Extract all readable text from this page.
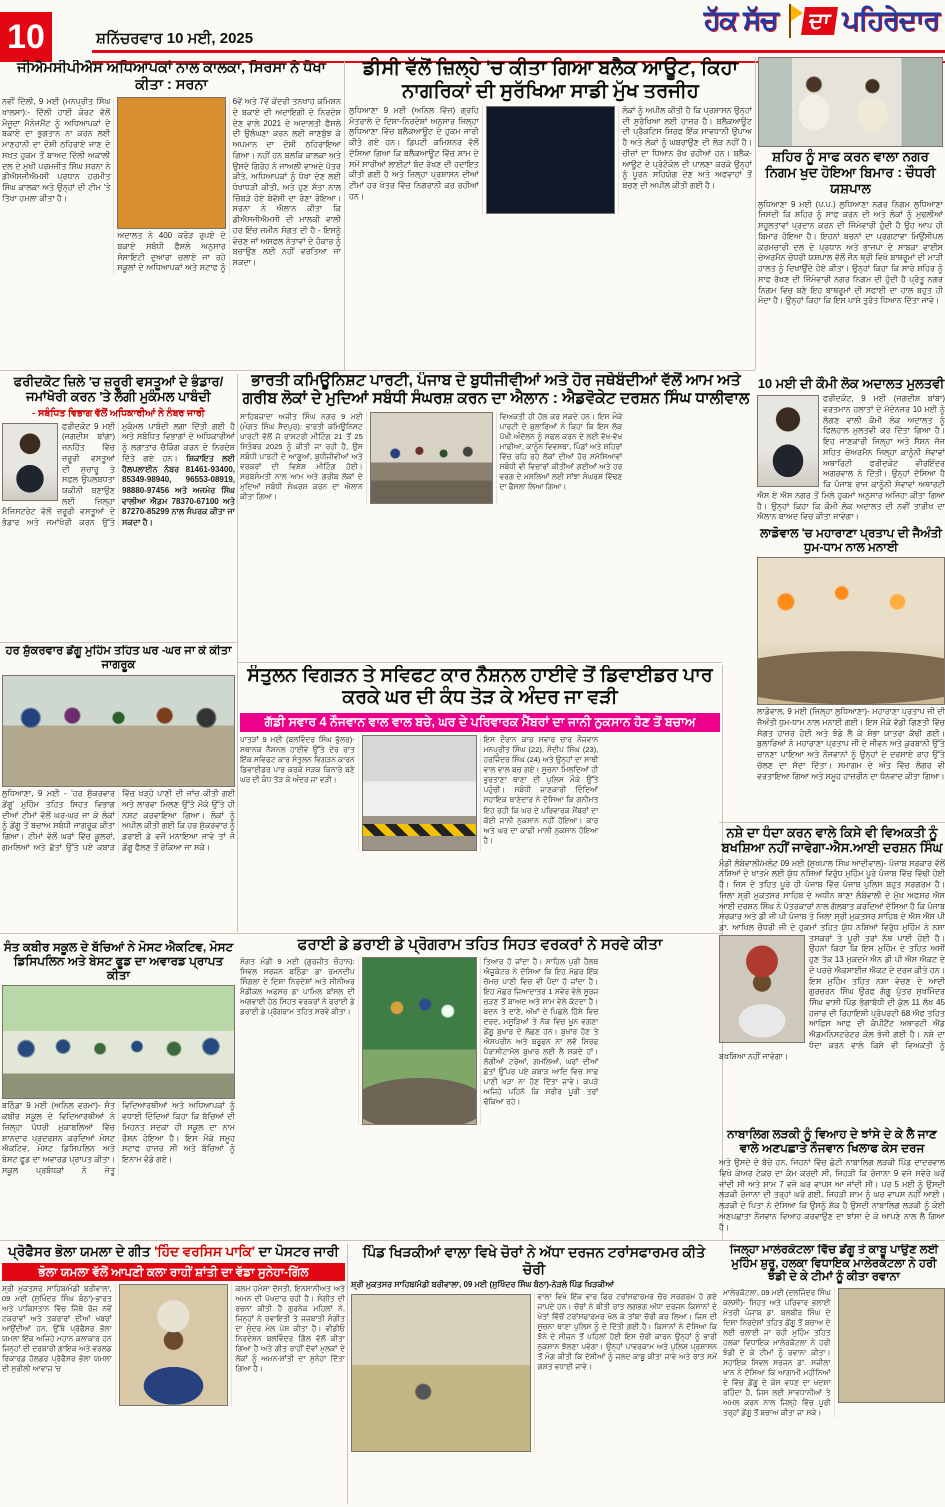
10	ਸ਼ਨਿੱਚਰਵਾਰ 10 ਮਈ, 2025
ਹੱਕ ਸੱਚ ਦਾ ਪਹਿਰੇਦਾਰ
ਜੀਐਮਸੀਪੀਐਸ ਅਧਿਆਪਕਾਂ ਨਾਲ ਕਾਲਕਾ, ਸਿਰਸਾ ਨੇ ਧੋਖਾ ਕੀਤਾ : ਸਰਨਾ
ਨਵੀਂ ਦਿੱਲੀ, 9 ਮਈ (ਮਨਪ੍ਰੀਤ ਸਿੰਘ ਖਾਲਸਾ):- ਦਿੱਲੀ ਹਾਈ ਕੋਰਟ ਵੱਲੋਂ ਮੌਜੂਦਾ ਮੈਨੇਜਮੈਂਟ ਨੂੰ ਅਧਿਆਪਕਾਂ ਦੇ ਬਕਾਏ ਦਾ ਭੁਗਤਾਨ ਨਾ ਕਰਨ ਲਈ ਮਾਣਹਾਨੀ ਦਾ ਦੋਸ਼ੀ ਠਹਿਰਾਏ ਜਾਣ ਦੇ ਸਖ਼ਤ ਹੁਕਮ ਤੋਂ ਬਾਅਦ ਦਿੱਲੀ ਅਕਾਲੀ ਦਲ ਦੇ ਮੁਖੀ ਪਰਮਜੀਤ ਸਿੰਘ ਸਰਨਾ ਨੇ ਡੀਐਸਜੀਐਮਸੀ ਪ੍ਰਧਾਨ ਹਰਮੀਤ ਸਿੰਘ ਕਾਲਕਾ ਅਤੇ ਉਨ੍ਹਾਂ ਦੀ ਟੀਮ 'ਤੇ ਤਿੱਖਾ ਹਮਲਾ ਕੀਤਾ ਹੈ।
ਅਦਾਲਤ ਨੇ 400 ਕਰੋੜ ਰੁਪਏ ਦੇ ਬਕਾਏ ਸਬੰਧੀ ਫੈਸਲੇ ਅਨੁਸਾਰ ਸੋਸਾਇਟੀ ਦੁਆਰਾ ਚਲਾਏ ਜਾ ਰਹੇ ਸਕੂਲਾਂ ਦੇ ਅਧਿਆਪਕਾਂ ਅਤੇ ਸਟਾਫ ਨੂੰ 6ਵੇਂ ਅਤੇ 7ਵੇਂ ਕੇਂਦਰੀ ਤਨਖਾਹ ਕਮਿਸ਼ਨ ਦੇ ਬਕਾਏ ਦੀ ਅਦਾਇਗੀ ਦੇ ਨਿਰਦੇਸ਼ ਦੇਣ ਵਾਲੇ 2021 ਦੇ ਅਦਾਲਤੀ ਫੈਸਲੇ ਦੀ ਉਲੰਘਣਾ ਕਰਨ ਲਈ ਜਾਣਬੁੱਝ ਕੇ ਅਪਮਾਨ ਦਾ ਦੋਸ਼ੀ ਠਹਿਰਾਇਆ ਗਿਆ। ਨਹੀਂ ਹਨ ਬਲਕਿ ਕਾਲਕਾ ਅਤੇ ਉਸਦੇ ਗਿਰੋਹ ਨੇ ਜਾਅਲੀ ਵਾਅਦੇ ਪੱਤਰ ਕੀਤੇ, ਅਧਿਆਪਕਾਂ ਨੂੰ ਧੋਖਾ ਦੇਣ ਲਈ ਧੋਖਾਧੜੀ ਕੀਤੀ, ਅਤੇ ਹੁਣ ਸੱਤਾ ਨਾਲ ਚਿੰਬੜੇ ਹੋਏ ਬੇਵੱਸੀ ਦਾ ਰੋਣਾ ਰੋਇਆ। ਸਰਨਾ ਨੇ ਐਲਾਨ ਕੀਤਾ ਕਿ ਡੀਐਸਜੀਐਮਸੀ ਦੀ ਮਾਲਕੀ ਵਾਲੀ ਹਰ ਇੰਚ ਜ਼ਮੀਨ ਸੰਗਤ ਦੀ ਹੈ - ਇਸਨੂੰ ਵੇਚਣ ਜਾਂ ਅਸਫਲ ਨੇਤਾਵਾਂ ਦੇ ਹੰਕਾਰ ਨੂੰ ਬਚਾਉਣ ਲਈ ਨਹੀਂ ਵਰਤਿਆ ਜਾ ਸਕਦਾ।
ਡੀਸੀ ਵੱਲੋਂ ਜ਼ਿਲ੍ਹੇ 'ਚ ਕੀਤਾ ਗਿਆ ਬਲੈਕ ਆਊਟ, ਕਿਹਾ ਨਾਗਰਿਕਾਂ ਦੀ ਸੁਰੱਖਿਆ ਸਾਡੀ ਮੁੱਖ ਤਰਜੀਹ
ਲੁਧਿਆਣਾ 9 ਮਈ (ਅਨਿਲ ਵਿੱਜ) ਗ੍ਰਹਿ ਮੰਤਰਾਲੇ ਦੇ ਦਿਸ਼ਾ-ਨਿਰਦੇਸ਼ਾਂ ਅਨੁਸਾਰ ਜਿਲ੍ਹਾ ਲੁਧਿਆਣਾ ਵਿੱਚ ਬਲੈਕਆਊਟ ਦੇ ਹੁਕਮ ਜਾਰੀ ਕੀਤੇ ਗਏ ਹਨ। ਡਿਪਟੀ ਕਮਿਸ਼ਨਰ ਵੱਲੋਂ ਦੱਸਿਆ ਗਿਆ ਕਿ ਬਲੈਕਆਊਟ ਵਿੱਚ ਸ਼ਾਮ ਦੇ ਸਮੇਂ ਸਾਰੀਆਂ ਲਾਈਟਾਂ ਬੰਦ ਰੱਖਣ ਦੀ ਹਦਾਇਤ ਕੀਤੀ ਗਈ ਹੈ ਅਤੇ ਜ਼ਿਲ੍ਹਾ ਪ੍ਰਸ਼ਾਸਨ ਦੀਆਂ ਟੀਮਾਂ ਹਰ ਖੇਤਰ ਵਿੱਚ ਨਿਗਰਾਨੀ ਕਰ ਰਹੀਆਂ ਹਨ।
ਲੋਕਾਂ ਨੂੰ ਅਪੀਲ ਕੀਤੀ ਹੈ ਕਿ ਪ੍ਰਸ਼ਾਸਨ ਉਨ੍ਹਾਂ ਦੀ ਸੁਰੱਖਿਆ ਲਈ ਹਾਜ਼ਰ ਹੈ। ਬਲੈਕਆਊਟ ਦੀ ਪ੍ਰੈਕਟਿਸ ਸਿਰਫ ਇੱਕ ਸਾਵਧਾਨੀ ਉਪਾਅ ਹੈ ਅਤੇ ਲੋਕਾਂ ਨੂੰ ਘਬਰਾਉਣ ਦੀ ਲੋੜ ਨਹੀਂ ਹੈ। ਚੀਜ਼ਾਂ ਦਾ ਧਿਆਨ ਰੱਖ ਰਹੀਆਂ ਹਨ। ਬਲੈਕ-ਆਊਟ ਦੇ ਪ੍ਰੋਟੋਕੋਲ ਦੀ ਪਾਲਣਾ ਕਰਕੇ ਉਨ੍ਹਾਂ ਨੂੰ ਪੂਰਨ ਸਹਿਯੋਗ ਦੇਣ ਅਤੇ ਅਫਵਾਹਾਂ ਤੋਂ ਬਚਣ ਦੀ ਅਪੀਲ ਕੀਤੀ ਗਈ ਹੈ।
ਸ਼ਹਿਰ ਨੂੰ ਸਾਫ ਕਰਨ ਵਾਲਾ ਨਗਰ ਨਿਗਮ ਖੁਦ ਹੋਇਆ ਬਿਮਾਰ : ਚੌਧਰੀ ਯਸ਼ਪਾਲ
ਲੁਧਿਆਣਾ 9 ਮਈ (ਪ.ਪ.) ਲੁਧਿਆਣਾ ਨਗਰ ਨਿਗਮ ਲੁਧਿਆਣਾ ਜਿਸਦੀ ਕਿ ਸ਼ਹਿਰ ਨੂੰ ਸਾਫ ਕਰਨ ਦੀ ਅਤੇ ਲੋਕਾਂ ਨੂੰ ਮੁਢਲੀਆਂ ਸਹੂਲਤਾਵਾਂ ਪ੍ਰਦਾਨ ਕਰਨ ਦੀ ਜਿੰਮੇਵਾਰੀ ਹੁੰਦੀ ਹੈ ਉਹ ਆਪ ਹੀ ਬਿਮਾਰ ਹੋਇਆ ਹੈ। ਇਹਨਾਂ ਬਚਨਾਂ ਦਾ ਪ੍ਰਗਟਾਵਾ ਮਿਉਂਸੀਪਲ ਕਰਮਚਾਰੀ ਦਲ ਦੇ ਪ੍ਰਧਾਨ ਅਤੇ ਭਾਜਪਾ ਦੇ ਸਾਬਕਾ ਵਾਈਸ ਚੇਅਰਮੈਨ ਚੌਧਰੀ ਯਸ਼ਪਾਲ ਵੱਲੋਂ ਜੌਨ ਥ੍ਰੀ ਵਿਖੇ ਬਾਥਰੂਮਾਂ ਦੀ ਮਾੜੀ ਹਾਲਤ ਨੂੰ ਦਿਖਾਉਂਦੇ ਹੋਏ ਕੀਤਾ। ਉਨ੍ਹਾਂ ਕਿਹਾ ਕਿ ਸਾਰੇ ਸ਼ਹਿਰ ਨੂੰ ਸਾਫ ਰੱਖਣ ਦੀ ਜਿੰਮੇਵਾਰੀ ਨਗਰ ਨਿਗਮ ਦੀ ਹੁੰਦੀ ਹੈ ਪ੍ਰੰਤੂ ਨਗਰ ਨਿਗਮ ਵਿਚ ਬਣੇ ਇਹ ਬਾਥਰੂਮਾਂ ਦੀ ਸਫਾਈ ਦਾ ਹਾਲ ਬਹੁਤ ਹੀ ਮੰਦਾ ਹੈ। ਉਨ੍ਹਾਂ ਕਿਹਾ ਕਿ ਇਸ ਪਾਸੇ ਤੁਰੰਤ ਧਿਆਨ ਦਿੱਤਾ ਜਾਵੇ।
ਫਰੀਦਕੋਟ ਜ਼ਿਲੇ 'ਚ ਜ਼ਰੂਰੀ ਵਸਤੂਆਂ ਦੇ ਭੰਡਾਰ/ਜਮਾਂਖੋਰੀ ਕਰਨ 'ਤੇ ਲੱਗੀ ਮੁਕੰਮਲ ਪਾਬੰਦੀ
- ਸਬੰਧਿਤ ਵਿਭਾਗ ਵੱਲੋਂ ਅਧਿਕਾਰੀਆਂ ਨੇ ਨੰਬਰ ਜਾਰੀ
ਫਰੀਦਕੋਟ 9 ਮਈ (ਜਗਦੀਸ਼ ਬਾਂਗਾ) ਜਨਹਿੱਤ ਵਿੱਚ ਜ਼ਰੂਰੀ ਵਸਤੂਆਂ ਦੀ ਸੁਚਾਰੂ ਤੇ ਸਫਲ ਉਪਲਬਧਤਾ ਯਕੀਨੀ ਬਣਾਉਣ ਲਈ ਜ਼ਿਲ੍ਹਾ ਮੈਜਿਸਟਰੇਟ ਵੱਲੋਂ ਜ਼ਰੂਰੀ ਵਸਤੂਆਂ ਦੇ ਭੰਡਾਰ ਅਤੇ ਜਮਾਂਖੋਰੀ ਕਰਨ ਉੱਤੇ ਮੁਕੰਮਲ ਪਾਬੰਦੀ ਲਗਾ ਦਿੱਤੀ ਗਈ ਹੈ ਅਤੇ ਸਬੰਧਿਤ ਵਿਭਾਗਾਂ ਦੇ ਅਧਿਕਾਰੀਆਂ ਨੂੰ ਲਗਾਤਾਰ ਚੈਕਿੰਗ ਕਰਨ ਦੇ ਨਿਰਦੇਸ਼ ਦਿੱਤੇ ਗਏ ਹਨ। ਸ਼ਿਕਾਇਤ ਲਈ ਹੈਲਪਲਾਈਨ ਨੰਬਰ 81461-93400, 85349-98940, 96553-08919, 98880-97456 ਅਤੇ ਅਜਮੇਰ ਸਿੰਘ ਵਾਲੀਆ ਐਡਮ 78370-67100 ਅਤੇ 87270-85299 ਨਾਲ ਸੰਪਰਕ ਕੀਤਾ ਜਾ ਸਕਦਾ ਹੈ।
ਭਾਰਤੀ ਕਮਿਊਨਿਸ਼ਟ ਪਾਰਟੀ, ਪੰਜਾਬ ਦੇ ਬੁਧੀਜੀਵੀਆਂ ਅਤੇ ਹੋਰ ਜਥੇਬੰਦੀਆਂ ਵੱਲੋਂ ਆਮ ਅਤੇ ਗਰੀਬ ਲੋਕਾਂ ਦੇ ਮੁਦਿਆਂ ਸਬੰਧੀ ਸੰਘਰਸ਼ ਕਰਨ ਦਾ ਐਲਾਨ : ਐਡਵੋਕੇਟ ਦਰਸ਼ਨ ਸਿੰਘ ਧਾਲੀਵਾਲ
ਸਾਹਿਬਜ਼ਾਦਾ ਅਜੀਤ ਸਿੰਘ ਨਗਰ 9 ਮਈ (ਮੰਗਤ ਸਿੰਘ ਸੈਦਪੁਰ): ਭਾਰਤੀ ਕਮਿਊਨਿਸਟ ਪਾਰਟੀ ਵੱਲੋਂ ਜੋ ਰਾਸ਼ਟਰੀ ਮੀਟਿੰਗ 21 ਤੋਂ 25 ਸਿਤੰਬਰ 2025 ਨੂੰ ਕੀਤੀ ਜਾ ਰਹੀ ਹੈ, ਉਸ ਸਬੰਧੀ ਪਾਰਟੀ ਦੇ ਆਗੂਆਂ, ਬੁਧੀਜੀਵੀਆਂ ਅਤੇ ਵਰਕਰਾਂ ਦੀ ਵਿਸ਼ੇਸ਼ ਮੀਟਿੰਗ ਹੋਈ। ਸਰਬਸੰਮਤੀ ਨਾਲ ਆਮ ਅਤੇ ਗਰੀਬ ਲੋਕਾਂ ਦੇ ਮੁਦਿਆਂ ਸਬੰਧੀ ਸੰਘਰਸ਼ ਕਰਨ ਦਾ ਐਲਾਨ ਕੀਤਾ ਗਿਆ।
ਵਿਅਕਤੀ ਹੀ ਹੱਲ ਕਰ ਸਕਦੇ ਹਨ। ਇਸ ਮੌਕੇ ਪਾਰਟੀ ਦੇ ਬੁਲਾਰਿਆਂ ਨੇ ਕਿਹਾ ਕਿ ਇਸ ਲੋਕ ਪੱਖੀ ਅੰਦੋਲਨ ਨੂੰ ਸਫਲ ਕਰਨ ਦੇ ਲਈ ਵੱਖ-ਵੱਖ ਮਾਫੀਆ, ਕਾਨੂੰਨ ਵਿਵਸਥਾ, ਪਿੰਡਾਂ ਅਤੇ ਸ਼ਹਿਰਾਂ ਵਿੱਚ ਰਹਿ ਰਹੇ ਲੋਕਾਂ ਦੀਆਂ ਹੋਰ ਸਮੱਸਿਆਵਾਂ ਸਬੰਧੀ ਵੀ ਵਿਚਾਰਾਂ ਕੀਤੀਆਂ ਗਈਆਂ ਅਤੇ ਹਰ ਵਰਗ ਦੇ ਮਸਲਿਆਂ ਲਈ ਸਾਂਝਾ ਸੰਘਰਸ਼ ਵਿੱਢਣ ਦਾ ਫੈਸਲਾ ਲਿਆ ਗਿਆ।
10 ਮਈ ਦੀ ਕੌਮੀ ਲੋਕ ਅਦਾਲਤ ਮੁਲਤਵੀ
ਫਰੀਦਕੋਟ, 9 ਮਈ (ਜਗਦੀਸ਼ ਬਾਂਬਾ) ਵਰਤਮਾਨ ਹਲਾਤਾਂ ਦੇ ਮੱਦੇਨਜ਼ਰ 10 ਮਈ ਨੂੰ ਲੱਗਣ ਵਾਲੀ ਕੌਮੀ ਲੋਕ ਅਦਾਲਤ ਨੂੰ ਫਿਲਹਾਲ ਮੁਲਤਵੀ ਕਰ ਦਿੱਤਾ ਗਿਆ ਹੈ। ਇਹ ਜਾਣਕਾਰੀ ਜਿਲ੍ਹਾ ਅਤੇ ਸੈਸ਼ਨ ਜੱਜ ਸਹਿਤ ਚੇਅਰਮੈਨ ਜਿਲ੍ਹਾ ਕਾਨੂੰਨੀ ਸੇਵਾਵਾਂ ਅਥਾਰਿਟੀ ਫਰੀਦਕੋਟ ਵੀਰਇੰਦਰ ਅਗਰਵਾਲ ਨੇ ਦਿੱਤੀ। ਉਨ੍ਹਾਂ ਦੱਸਿਆ ਹੈ ਕਿ ਪੰਜਾਬ ਰਾਜ ਕਾਨੂੰਨੀ ਸੇਵਾਵਾਂ ਅਥਾਰਟੀ ਐਸ ਏ ਐਸ ਨਗਰ ਤੋਂ ਮਿਲੇ ਹੁਕਮਾਂ ਅਨੁਸਾਰ ਅਜਿਹਾ ਕੀਤਾ ਗਿਆ ਹੈ। ਉਨ੍ਹਾਂ ਕਿਹਾ ਕਿ ਕੌਮੀ ਲੋਕ ਅਦਾਲਤ ਦੀ ਨਵੀਂ ਤਾਰੀਖ ਦਾ ਐਲਾਨ ਬਾਅਦ ਵਿਚ ਕੀਤਾ ਜਾਵੇਗਾ।
ਲਾਡੋਵਾਲ 'ਚ ਮਹਾਰਾਣਾ ਪ੍ਰਤਾਪ ਦੀ ਜੈਅੰਤੀ ਧੁਮ-ਧਾਮ ਨਾਲ ਮਨਾਈ
ਲਾਡੋਵਾਲ, 9 ਮਈ (ਜ਼ਿਲ੍ਹਾ ਲੁਧਿਆਣਾ)- ਮਹਾਰਾਣਾ ਪ੍ਰਤਾਪ ਜੀ ਦੀ ਜੈਅੰਤੀ ਧੁਮ-ਧਾਮ ਨਾਲ ਮਨਾਈ ਗਈ। ਇਸ ਮੌਕੇ ਵੱਡੀ ਗਿਣਤੀ ਵਿੱਚ ਸੰਗਤ ਹਾਜ਼ਰ ਹੋਈ ਅਤੇ ਝੰਡੇ ਲੈ ਕੇ ਸ਼ੋਭਾ ਯਾਤਰਾ ਕੱਢੀ ਗਈ। ਬੁਲਾਰਿਆਂ ਨੇ ਮਹਾਰਾਣਾ ਪ੍ਰਤਾਪ ਜੀ ਦੇ ਜੀਵਨ ਅਤੇ ਕੁਰਬਾਨੀ ਉੱਤੇ ਚਾਨਣਾ ਪਾਇਆ ਅਤੇ ਨੌਜਵਾਨਾਂ ਨੂੰ ਉਨ੍ਹਾਂ ਦੇ ਦਰਸਾਏ ਰਾਹ ਉੱਤੇ ਚੱਲਣ ਦਾ ਸੱਦਾ ਦਿੱਤਾ। ਸਮਾਗਮ ਦੇ ਅੰਤ ਵਿੱਚ ਲੰਗਰ ਵੀ ਵਰਤਾਇਆ ਗਿਆ ਅਤੇ ਸਮੂਹ ਹਾਜ਼ਰੀਨ ਦਾ ਧੰਨਵਾਦ ਕੀਤਾ ਗਿਆ।
ਹਰ ਸ਼ੁੱਕਰਵਾਰ ਡੇਂਗੂ ਮੁਹਿੰਮ ਤਹਿਤ ਘਰ -ਘਰ ਜਾ ਕੇ ਕੀਤਾ ਜਾਗਰੂਕ
ਲੁਧਿਆਣਾ, 9 ਮਈ - 'ਹਰ ਸ਼ੁੱਕਰਵਾਰ ਡੇਂਗੂ' ਮੁਹਿੰਮ ਤਹਿਤ ਸਿਹਤ ਵਿਭਾਗ ਦੀਆਂ ਟੀਮਾਂ ਵੱਲੋਂ ਘਰ-ਘਰ ਜਾ ਕੇ ਲੋਕਾਂ ਨੂੰ ਡੇਂਗੂ ਤੋਂ ਬਚਾਅ ਸਬੰਧੀ ਜਾਗਰੂਕ ਕੀਤਾ ਗਿਆ। ਟੀਮਾਂ ਵੱਲੋਂ ਘਰਾਂ ਵਿੱਚ ਕੂਲਰਾਂ, ਗਮਲਿਆਂ ਅਤੇ ਛੱਤਾਂ ਉੱਤੇ ਪਏ ਕਬਾੜ ਵਿੱਚ ਖੜ੍ਹੇ ਪਾਣੀ ਦੀ ਜਾਂਚ ਕੀਤੀ ਗਈ ਅਤੇ ਲਾਰਵਾ ਮਿਲਣ ਉੱਤੇ ਮੌਕੇ ਉੱਤੇ ਹੀ ਨਸ਼ਟ ਕਰਵਾਇਆ ਗਿਆ। ਲੋਕਾਂ ਨੂੰ ਅਪੀਲ ਕੀਤੀ ਗਈ ਕਿ ਹਰ ਸ਼ੁੱਕਰਵਾਰ ਨੂੰ ਡਰਾਈ ਡੇ ਵਜੋਂ ਮਨਾਇਆ ਜਾਵੇ ਤਾਂ ਜੋ ਡੇਂਗੂ ਫੈਲਣ ਤੋਂ ਰੋਕਿਆ ਜਾ ਸਕੇ।
ਸੰਤੁਲਨ ਵਿਗੜਨ ਤੇ ਸਵਿਫਟ ਕਾਰ ਨੈਸ਼ਨਲ ਹਾਈਵੇ ਤੋਂ ਡਿਵਾਈਡਰ ਪਾਰ ਕਰਕੇ ਘਰ ਦੀ ਕੰਧ ਤੋੜ ਕੇ ਅੰਦਰ ਜਾ ਵੜੀ
ਗੱਡੀ ਸਵਾਰ 4 ਨੌਜਵਾਨ ਵਾਲ ਵਾਲ ਬਚੇ, ਘਰ ਦੇ ਪਰਿਵਾਰਕ ਮੈਂਬਰਾਂ ਦਾ ਜਾਨੀ ਨੁਕਸਾਨ ਹੋਣ ਤੋਂ ਬਚਾਅ
ਪਾਤੜਾਂ 9 ਮਈ (ਬਲਵਿੰਦਰ ਸਿੰਘ ਭੁੱਲਰ)- ਸਥਾਨਕ ਨੈਸ਼ਨਲ ਹਾਈਵੇ ਉੱਤੇ ਦੇਰ ਰਾਤ ਇੱਕ ਸਵਿਫਟ ਕਾਰ ਸੰਤੁਲਨ ਵਿਗੜਨ ਕਾਰਨ ਡਿਵਾਈਡਰ ਪਾਰ ਕਰਕੇ ਸੜਕ ਕਿਨਾਰੇ ਬਣੇ ਘਰ ਦੀ ਕੰਧ ਤੋੜ ਕੇ ਅੰਦਰ ਜਾ ਵੜੀ।
ਇਸ ਦੌਰਾਨ ਕਾਰ ਸਵਾਰ ਚਾਰ ਨੌਜਵਾਨ ਮਨਪ੍ਰੀਤ ਸਿੰਘ (22), ਸੰਦੀਪ ਸਿੰਘ (23), ਹਰਜਿੰਦਰ ਸਿੰਘ (24) ਅਤੇ ਉਨ੍ਹਾਂ ਦਾ ਸਾਥੀ ਵਾਲ ਵਾਲ ਬਚ ਗਏ। ਸੂਚਨਾ ਮਿਲਦਿਆਂ ਹੀ ਭੁਰਤਾਣਾ ਥਾਣਾ ਦੀ ਪੁਲਿਸ ਮੌਕੇ ਉੱਤੇ ਪਹੁੰਚੀ। ਸਬੰਧੀ ਜਾਣਕਾਰੀ ਦਿੰਦਿਆਂ ਸਹਾਇਕ ਥਾਣੇਦਾਰ ਨੇ ਦੱਸਿਆ ਕਿ ਗਨੀਮਤ ਇਹ ਰਹੀ ਕਿ ਘਰ ਦੇ ਪਰਿਵਾਰਕ ਮੈਂਬਰਾਂ ਦਾ ਕੋਈ ਜਾਨੀ ਨੁਕਸਾਨ ਨਹੀਂ ਹੋਇਆ। ਕਾਰ ਅਤੇ ਘਰ ਦਾ ਕਾਫੀ ਮਾਲੀ ਨੁਕਸਾਨ ਹੋਇਆ ਹੈ।
ਨਸ਼ੇ ਦਾ ਧੰਦਾ ਕਰਨ ਵਾਲੇ ਕਿਸੇ ਵੀ ਵਿਅਕਤੀ ਨੂੰ ਬਖਸ਼ਿਆ ਨਹੀਂ ਜਾਵੇਗਾ-ਐਸ.ਆਈ ਦਰਸ਼ਨ ਸਿੰਘ
ਮੰਡੀ ਲੰਬੇਵਾਲੀ/ਮਲੋਟ 09 ਮਈ (ਸੁਖਪਾਲ ਸਿੰਘ ਆਦੀਵਾਲ)- ਪੰਜਾਬ ਸਰਕਾਰ ਵੱਲੋਂ ਨਸ਼ਿਆਂ ਦੇ ਖਾਤਮੇ ਲਈ ਯੁੱਧ ਨਸ਼ਿਆਂ ਵਿਰੁੱਧ ਮੁਹਿੰਮ ਪੂਰੇ ਪੰਜਾਬ ਵਿੱਚ ਵਿੱਢੀ ਹੋਈ ਹੈ। ਜਿਸ ਦੇ ਤਹਿਤ ਪੂਰੇ ਹੀ ਪੰਜਾਬ ਵਿੱਚ ਪੰਜਾਬ ਪੁਲਿਸ ਬਹੁਤ ਸਰਗਰਮ ਹੈ। ਜਿਲਾ ਸ਼੍ਰੀ ਮੁਕਤਸਰ ਸਾਹਿਬ ਦੇ ਅਧੀਨ ਥਾਣਾ ਲੰਬੇਵਾਲੀ ਦੇ ਮੁੱਖ ਅਫਸਰ ਐਸ ਆਈ ਦਰਸ਼ਨ ਸਿੰਘ ਨੇ ਪੱਤਰਕਾਰਾਂ ਨਾਲ ਗੱਲਬਾਤ ਕਰਦਿਆਂ ਦੱਸਿਆ ਹੈ ਕਿ ਪੰਜਾਬ ਸਰਕਾਰ ਅਤੇ ਡੀ ਜੀ ਪੀ ਪੰਜਾਬ ਤੇ ਜਿਲਾ ਸ਼੍ਰੀ ਮੁਕਤਸਰ ਸਾਹਿਬ ਦੇ ਐਸ ਐਸ ਪੀ ਡਾ. ਆਖਿਲ ਚੌਧਰੀ ਜੀ ਦੇ ਹੁਕਮਾਂ ਤਹਿਤ ਯੁੱਧ ਨਸ਼ਿਆਂ ਵਿਰੁੱਧ ਮੁਹਿੰਮ ਨੇ ਨਸ਼ਾ ਤਸਕਰਾਂ ਤੇ ਪੂਰੀ ਤਰਾਂ ਨੱਥ ਪਾਈ ਹੋਈ ਹੈ।
ਉਹਨਾਂ ਕਿਹਾ ਕਿ ਇਸ ਮੁਹਿੰਮ ਦੇ ਤਹਿਤ ਅਸੀਂ ਹੁਣ ਤੱਕ 13 ਮੁਕਦਮੇ ਐਨ ਡੀ ਪੀ ਐਸ ਐਕਟ ਦੇ ਦੋ ਪਰਚੇ ਐਕਸਾਈਜ਼ ਐਕਟ ਦੇ ਦਰਜ ਕੀਤੇ ਹਨ। ਇਸ ਮੁਹਿੰਮ ਤਹਿਤ ਨਸ਼ਾ ਵੇਚਣ ਦੇ ਆਦੀ ਗੁਰਚਰਨ ਸਿੰਘ ਉਰਫ ਗੱਗੂ ਪੁੱਤਰ ਸੁਖਮਿੰਦਰ ਸਿੰਘ ਵਾਸੀ ਪਿੰਡ ਭੰਗਾਬੱਧੀ ਦੀ ਕੁੱਲ 11 ਲੱਖ 45 ਹਜ਼ਾਰ ਦੀ ਰਿਹਾਇਸ਼ੀ ਪ੍ਰੋਪਰਟੀ 68 ਐਫ ਤਹਿਤ ਆਫਿਸ ਆਫ ਦੀ ਕੰਪੀਟੈਂਟ ਅਥਾਰਟੀ ਐਂਡ ਐਡਮਨਿਸਟਰੇਟਰ ਕੋਲ ਭੇਜੀ ਗਈ ਹੈ। ਨਸ਼ੇ ਦਾ ਧੰਦਾ ਕਰਨ ਵਾਲੇ ਕਿਸੇ ਵੀ ਵਿਅਕਤੀ ਨੂੰ ਬਖਸ਼ਿਆ ਨਹੀਂ ਜਾਵੇਗਾ।
ਨਾਬਾਲਿਗ ਲੜਕੀ ਨੂੰ ਵਿਆਹ ਦੇ ਝਾਂਸੇ ਦੇ ਕੇ ਲੈ ਜਾਣ ਵਾਲੇ ਅਣਪਛਾਤੇ ਨੌਜਵਾਨ ਖਿਲਾਫ ਕੇਸ ਦਰਜ
ਅਤੇ ਉਸਦੇ ਦੋ ਬੱਚੇ ਹਨ, ਜਿਹਨਾਂ ਵਿੱਚ ਛੋਟੀ ਨਾਬਾਲਿਗ ਲੜਕੀ ਪਿੰਡ ਦਾਦਰਵਾਲ ਵਿਖੇ ਕੇਅਰ ਟੇਕਰ ਦਾ ਕੰਮ ਕਰਦੀ ਸੀ, ਜਿਹੜੀ ਕਿ ਰੋਜਾਨਾ 9 ਵਜੇ ਸਵੇਰੇ ਘਰੋਂ ਜਾਂਦੀ ਸੀ ਅਤੇ ਸ਼ਾਮ 7 ਵਜੇ ਘਰ ਵਾਪਸ ਆ ਜਾਂਦੀ ਸੀ। ਪਰ 5 ਮਈ ਨੂੰ ਉਸਦੀ ਲੜਕੀ ਰੋਜਾਨਾ ਦੀ ਤਰ੍ਹਾਂ ਘਰੋ ਗਈ, ਜਿਹੜੀ ਸ਼ਾਮ ਨੂੰ ਘਰ ਵਾਪਸ ਨਹੀਂ ਆਈ। ਲੜਕੀ ਦੇ ਪਿਤਾ ਨੇ ਦੱਸਿਆ ਕਿ ਉਸਨੂੰ ਸ਼ੱਕ ਹੈ ਉਸਦੀ ਨਾਬਾਲਿਗ ਲੜਕੀ ਨੂੰ ਕੋਈ ਅਣਪਛਾਤਾ ਨੌਜਵਾਨ ਵਿਆਹ ਕਰਵਾਉਣ ਦਾ ਝਾਂਸਾ ਦੇ ਕੇ ਆਪਣੇ ਨਾਲ ਲੈ ਗਿਆ ਹੈ।
ਸੰਤ ਕਬੀਰ ਸਕੂਲ ਦੇ ਬੱਚਿਆਂ ਨੇ ਮੋਸਟ ਐਕਟਿਵ, ਮੋਸਟ ਡਿਸਿਪਲਿਨ ਅਤੇ ਬੇਸਟ ਫੂਡ ਦਾ ਅਵਾਰਡ ਪ੍ਰਾਪਤ ਕੀਤਾ
ਬਠਿੰਡਾ 9 ਮਈ (ਅਨਿਲ ਵਰਮਾ)- ਸੰਤ ਕਬੀਰ ਸਕੂਲ ਦੇ ਵਿਦਿਆਰਥੀਆਂ ਨੇ ਜ਼ਿਲ੍ਹਾ ਪੱਧਰੀ ਮੁਕਾਬਲਿਆਂ ਵਿੱਚ ਸ਼ਾਨਦਾਰ ਪ੍ਰਦਰਸ਼ਨ ਕਰਦਿਆਂ ਮੋਸਟ ਐਕਟਿਵ, ਮੋਸਟ ਡਿਸਿਪਲਿਨ ਅਤੇ ਬੇਸਟ ਫੂਡ ਦਾ ਅਵਾਰਡ ਪ੍ਰਾਪਤ ਕੀਤਾ। ਸਕੂਲ ਪ੍ਰਬੰਧਕਾਂ ਨੇ ਜੇਤੂ ਵਿਦਿਆਰਥੀਆਂ ਅਤੇ ਅਧਿਆਪਕਾਂ ਨੂੰ ਵਧਾਈ ਦਿੰਦਿਆਂ ਕਿਹਾ ਕਿ ਬੱਚਿਆਂ ਦੀ ਮਿਹਨਤ ਸਦਕਾ ਹੀ ਸਕੂਲ ਦਾ ਨਾਮ ਰੌਸ਼ਨ ਹੋਇਆ ਹੈ। ਇਸ ਮੌਕੇ ਸਮੂਹ ਸਟਾਫ ਹਾਜ਼ਰ ਸੀ ਅਤੇ ਬੱਚਿਆਂ ਨੂੰ ਇਨਾਮ ਵੰਡੇ ਗਏ।
ਫਰਾਈ ਡੇ ਡਰਾਈ ਡੇ ਪ੍ਰੋਗਰਾਮ ਤਹਿਤ ਸਿਹਤ ਵਰਕਰਾਂ ਨੇ ਸਰਵੇ ਕੀਤਾ
ਸੰਗਤ ਮੰਡੀ 9 ਮਈ (ਗੁਰਜੀਤ ਚੌਹਾਨ): ਸਿਵਲ ਸਰਜਨ ਬਠਿੰਡਾ ਡਾ ਰਮਨਦੀਪ ਸਿੰਗਲਾ ਦੇ ਦਿਸ਼ਾ ਨਿਰਦੇਸ਼ਾਂ ਅਤੇ ਸੀਨੀਅਰ ਮੈਡੀਕਲ ਅਫਸਰ ਡਾ ਪਾਮਿਲ ਬਾਂਸਲ ਦੀ ਅਗਵਾਈ ਹੇਠ ਸਿਹਤ ਵਰਕਰਾਂ ਨੇ ਫਰਾਈ ਡੇ ਡਰਾਈ ਡੇ ਪ੍ਰੋਗਰਾਮ ਤਹਿਤ ਸਰਵੇ ਕੀਤਾ।
ਤਿਆਰ ਹੋ ਜਾਂਦਾ ਹੈ। ਸਾਹਿਲ ਪੁਰੀ ਹੈਲਥ ਐਜੂਕੇਟਰ ਨੇ ਦੱਸਿਆ ਕਿ ਇਹ ਮੱਛਰ ਇੱਕ ਚੱਮਚ ਪਾਣੀ ਵਿਚ ਵੀ ਪੈਦਾ ਹੋ ਜਾਂਦਾ ਹੈ। ਇਹ ਮੱਛਰ ਜਿਆਦਾਤਰ 1 ਸਵੇਰ ਵੇਲੇ ਸੂਰਜ ਚੜਣ ਤੋਂ ਬਾਅਦ ਅਤੇ ਸ਼ਾਮ ਵੇਲੇ ਕੱਟਦਾ ਹੈ। ਬਦਨ ਤੇ ਦਾਣੇ, ਅੱਖਾਂ ਦੇ ਪਿਛਲੇ ਹਿੱਸੇ ਵਿਚ ਦਰਦ, ਮਸੂੜਿਆਂ ਤੇ ਨੱਕ ਵਿਚ ਖੂਨ ਵਗਣਾ ਡੇਂਗੂ ਬੁਖਾਰ ਦੇ ਲੱਛਣ ਹਨ। ਬੁਖਾਰ ਹੋਣ ਤੇ ਐਸਪਰੀਨ ਅਤੇ ਬਰੂਫਨ ਨਾ ਲਵੋ ਸਿਰਫ ਪੈਰਾਸੀਟਾਮੋਲ ਬੁਖਾਰ ਲਈ ਲੈ ਸਕਦੇ ਹਾਂ। ਲੱਗੀਆਂ ਟਰੇਆਂ, ਗਮਲਿਆਂ, ਘਰਾਂ ਦੀਆਂ ਛੱਤਾਂ ਉੱਪਰ ਪਏ ਕਬਾੜ ਆਦਿ ਵਿਚ ਸਾਫ ਪਾਣੀ ਖੜਾ ਨਾ ਹੋਣ ਦਿੱਤਾ ਜਾਵੇ। ਕਪੜੇ ਅਜਿਹੇ ਪਹਿਨੋ ਕਿ ਸ਼ਰੀਰ ਪੂਰੀ ਤਰਾਂ ਢੱਕਿਆ ਰਹੇ।
ਪ੍ਰੋਫੈਸਰ ਭੋਲਾ ਯਮਲਾ ਦੇ ਗੀਤ 'ਹਿੰਦ ਵਰਸਿਸ ਪਾਕਿ' ਦਾ ਪੋਸਟਰ ਜਾਰੀ
ਭੋਲਾ ਯਮਲਾ ਵੱਲੋਂ ਆਪਣੀ ਕਲਾ ਰਾਹੀਂ ਸ਼ਾਂਤੀ ਦਾ ਵੱਡਾ ਸੁਨੇਹਾ-ਗਿੱਲ
ਸ਼੍ਰੀ ਮੁਕਤਸਰ ਸਾਹਿਬ/ਮੰਡੀ ਬਰੀਵਾਲਾ, 09 ਮਈ (ਸੁਖਿੰਦਰ ਸਿੰਘ ਬੰਠਾ)-ਭਾਰਤ ਅਤੇ ਪਾਕਿਸਤਾਨ ਵਿੱਚ ਜਿੱਥੇ ਰੋਜ਼ ਨਵੇਂ ਟਕਰਾਵਾਂ ਅਤੇ ਤਕਰਾਰਾਂ ਦੀਆਂ ਖਬਰਾਂ ਆਉਂਦੀਆਂ ਹਨ, ਉੱਥੇ ਪ੍ਰੋਫੈਸਰ ਭੋਲਾ ਯਮਲਾ ਇੱਕ ਅਜਿਹੇ ਮਹਾਨ ਕਲਾਕਾਰ ਹਨ ਜਿਨ੍ਹਾਂ ਦੀ ਦਰਬਾਰੀ ਗਾਇਕ ਅਤੇ ਵਰਲਡ ਰਿਕਾਰਡ ਹੋਲਡਰ ਪ੍ਰੋਫੈਸਰ ਭੋਲਾ ਯਮਲਾ ਦੀ ਸੁਰੀਲੀ ਆਵਾਜ਼ 'ਚ
ਕਲਮ ਹਮੇਸ਼ਾ ਦੋਸਤੀ, ਇਨਸਾਨੀਅਤ ਅਤੇ ਅਮਨ ਦੀ ਪੱਖਦਾਰ ਰਹੀ ਹੈ। ਸੰਗੀਤ ਦੀ ਰਚਨਾ ਕੀਤੀ ਹੈ ਗੁਰਨੇਕ ਮਹਿਲਾਂ ਨੇ, ਜਿਨ੍ਹਾਂ ਨੇ ਰਵਾਇਤੀ ਤੇ ਜਜ਼ਬਾਤੀ ਸੰਗੀਤ ਦਾ ਸੁੰਦਰ ਮੇਲ ਪੇਸ਼ ਕੀਤਾ ਹੈ। ਵੀਡੀਓ ਨਿਰਦੇਸ਼ਨ ਬਲਵਿੰਦਰ ਗਿੱਲ ਵੱਲੋਂ ਕੀਤਾ ਗਿਆ ਹੈ ਅਤੇ ਗੀਤ ਰਾਹੀਂ ਦੋਵਾਂ ਮੁਲਕਾਂ ਦੇ ਲੋਕਾਂ ਨੂੰ ਅਮਨ-ਸ਼ਾਂਤੀ ਦਾ ਸੁਨੇਹਾ ਦਿੱਤਾ ਗਿਆ ਹੈ।
ਪਿੰਡ ਖਿੜਕੀਆਂ ਵਾਲਾ ਵਿਖੇ ਚੋਰਾਂ ਨੇ ਅੱਧਾ ਦਰਜਨ ਟਰਾਂਸਫਾਰਮਰ ਕੀਤੇ ਚੋਰੀ
ਸ਼੍ਰੀ ਮੁਕਤਸਰ ਸਾਹਿਬ/ਮੰਡੀ ਬਰੀਵਾਲਾ, 09 ਮਈ (ਸੁਖਿੰਦਰ ਸਿੰਘ ਬੰਠਾ)-ਨੇੜਲੇ ਪਿੰਡ ਖਿੜਕੀਆਂ
ਵਾਲਾ ਵਿਖੇ ਇੱਕ ਵਾਰ ਫਿਰ ਟਰਾਂਸਫਾਰਮਰ ਚੋਰ ਸਰਗਰਮ ਹੋ ਗਏ ਜਾਪਦੇ ਹਨ। ਚੋਰਾਂ ਨੇ ਬੀਤੀ ਰਾਤ ਲਗਭਗ ਅੱਧਾ ਦਰਜਨ ਕਿਸਾਨਾਂ ਦੇ ਖੇਤਾਂ ਵਿੱਚੋਂ ਟਰਾਂਸਫਾਰਮਰ ਖੋਲ ਕੇ ਤਾਂਬਾ ਚੋਰੀ ਕਰ ਲਿਆ। ਜਿਸ ਦੀ ਸੂਚਨਾ ਥਾਣਾ ਪੁਲਿਸ ਨੂੰ ਦੇ ਦਿੱਤੀ ਗਈ ਹੈ। ਕਿਸਾਨਾਂ ਨੇ ਦੱਸਿਆ ਕਿ ਝੋਨੇ ਦੇ ਸੀਜ਼ਨ ਤੋਂ ਪਹਿਲਾਂ ਹੋਈ ਇਸ ਚੋਰੀ ਕਾਰਨ ਉਨ੍ਹਾਂ ਨੂੰ ਭਾਰੀ ਨੁਕਸਾਨ ਝੱਲਣਾ ਪਵੇਗਾ। ਉਨ੍ਹਾਂ ਪਾਵਰਕਾਮ ਅਤੇ ਪੁਲਿਸ ਪ੍ਰਸ਼ਾਸਨ ਤੋਂ ਮੰਗ ਕੀਤੀ ਕਿ ਦੋਸ਼ੀਆਂ ਨੂੰ ਜਲਦ ਕਾਬੂ ਕੀਤਾ ਜਾਵੇ ਅਤੇ ਰਾਤ ਸਮੇਂ ਗਸ਼ਤ ਵਧਾਈ ਜਾਵੇ।
ਜਿਲ੍ਹਾ ਮਾਲੇਰਕੋਟਲਾ ਵਿੱਚ ਡੇਂਗੂ ਤੇ ਕਾਬੂ ਪਾਉਣ ਲਈ ਮੁਹਿੰਮ ਸ਼ੁਰੂ, ਹਲਕਾ ਵਿਧਾਇਕ ਮਾਲੇਰਕੋਟਲਾ ਨੇ ਹਰੀ ਝੰਡੀ ਦੇ ਕੇ ਟੀਮਾਂ ਨੂੰ ਕੀਤਾ ਰਵਾਨਾ
ਮਾਲੇਰਕੋਟਲਾ, 09 ਮਈ (ਦਲਜਿੰਦਰ ਸਿੰਘ ਕਲਸੀ)- ਸਿਹਤ ਅਤੇ ਪਰਿਵਾਰ ਭਲਾਈ ਮੰਤਰੀ ਪੰਜਾਬ ਡਾ. ਬਲਬੀਰ ਸਿੰਘ ਦੇ ਦਿਸ਼ਾ ਨਿਰਦੇਸ਼ਾਂ ਤਹਿਤ ਡੇਂਗੂ ਤੋਂ ਬਚਾਅ ਦੇ ਲਈ ਚਲਾਈ ਜਾ ਰਹੀ ਮੁਹਿੰਮ ਤਹਿਤ ਹਲਕਾ ਵਿਧਾਇਕ ਮਾਲੇਰਕੋਟਲਾ ਨੇ ਹਰੀ ਝੰਡੀ ਦੇ ਕੇ ਟੀਮਾਂ ਨੂੰ ਰਵਾਨਾ ਕੀਤਾ। ਸਹਾਇਕ ਸਿਵਲ ਸਰਜਨ ਡਾ. ਸਜੀਲਾ ਖਾਨ ਨੇ ਦੱਸਿਆ ਕਿ ਆਗਾਮੀ ਮਹੀਨਿਆਂ ਦੇ ਵਿੱਚ ਡੇਂਗੂ ਦੇ ਕੇਸ ਵਧਣ ਦਾ ਖਦਸ਼ਾ ਰਹਿੰਦਾ ਹੈ, ਜਿਸ ਲਈ ਸਾਵਧਾਨੀਆਂ ਤੇ ਅਮਲ ਕਰਨ ਨਾਲ ਜਿਲ੍ਹੇ ਵਿੱਚ ਪੂਰੀ ਤਰ੍ਹਾਂ ਡੇਂਗੂ ਤੋਂ ਬਚਾਅ ਕੀਤਾ ਜਾ ਸਕੇ।
